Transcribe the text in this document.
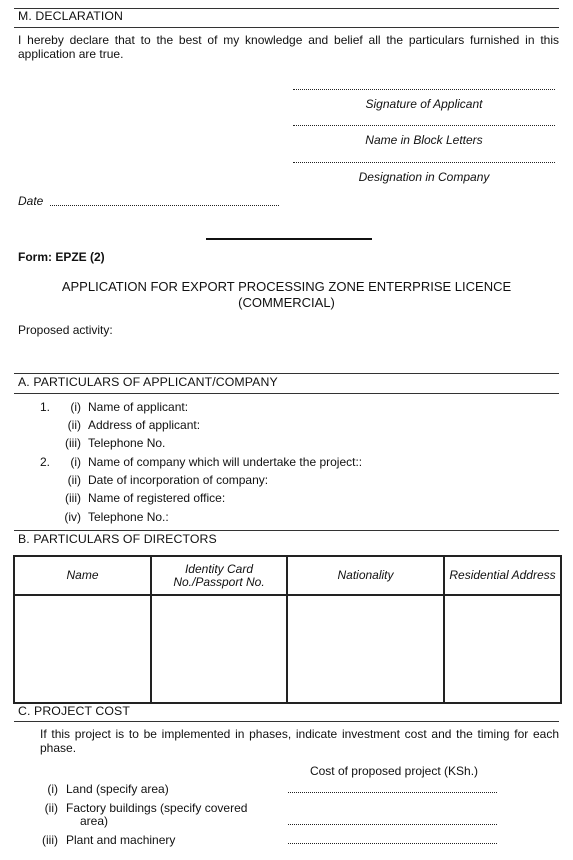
M. DECLARATION
I hereby declare that to the best of my knowledge and belief all the particulars furnished in this application are true.
Signature of Applicant
Name in Block Letters
Designation in Company
Date
Form: EPZE (2)
APPLICATION FOR EXPORT PROCESSING ZONE ENTERPRISE LICENCE
(COMMERCIAL)
Proposed activity:
A. PARTICULARS OF APPLICANT/COMPANY
1.	(i) Name of applicant:
(ii) Address of applicant:
(iii) Telephone No.
2.	(i) Name of company which will undertake the project::
(ii) Date of incorporation of company:
(iii) Name of registered office:
(iv) Telephone No.:
B. PARTICULARS OF DIRECTORS
Name	Identity Card No./Passport No.	Nationality	Residential Address

C. PROJECT COST
If this project is to be implemented in phases, indicate investment cost and the timing for each phase.
Cost of proposed project (KSh.)
(i) Land (specify area)
(ii) Factory buildings (specify covered
area)
(iii) Plant and machinery
